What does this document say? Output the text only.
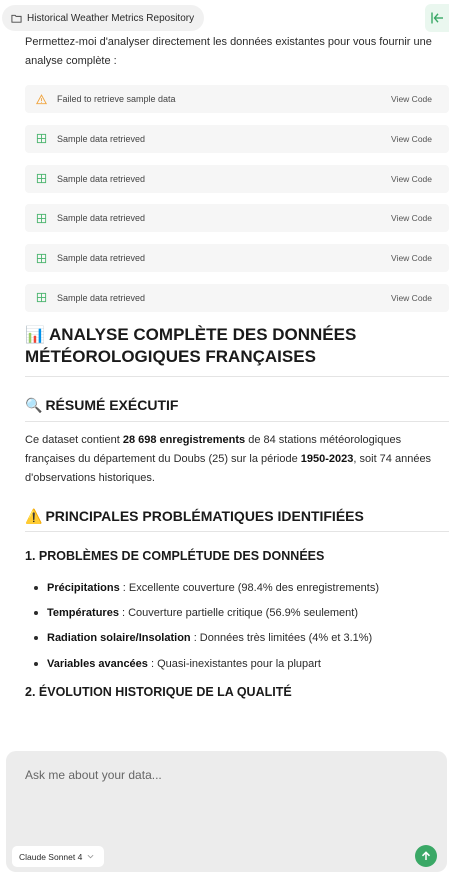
Historical Weather Metrics Repository

Permettez-moi d'analyser directement les données existantes pour vous fournir une analyse complète :

Failed to retrieve sample data	View Code
Sample data retrieved	View Code
Sample data retrieved	View Code
Sample data retrieved	View Code
Sample data retrieved	View Code
Sample data retrieved	View Code
📊 ANALYSE COMPLÈTE DES DONNÉES MÉTÉOROLOGIQUES FRANÇAISES
🔍 RÉSUMÉ EXÉCUTIF

Ce dataset contient 28 698 enregistrements de 84 stations météorologiques françaises du département du Doubs (25) sur la période 1950-2023, soit 74 années d'observations historiques.

⚠️ PRINCIPALES PROBLÉMATIQUES IDENTIFIÉES
1. PROBLÈMES DE COMPLÉTUDE DES DONNÉES
Précipitations : Excellente couverture (98.4% des enregistrements)
Températures : Couverture partielle critique (56.9% seulement)
Radiation solaire/Insolation : Données très limitées (4% et 3.1%)
Variables avancées : Quasi-inexistantes pour la plupart
2. ÉVOLUTION HISTORIQUE DE LA QUALITÉ
Ask me about your data...
Claude Sonnet 4
